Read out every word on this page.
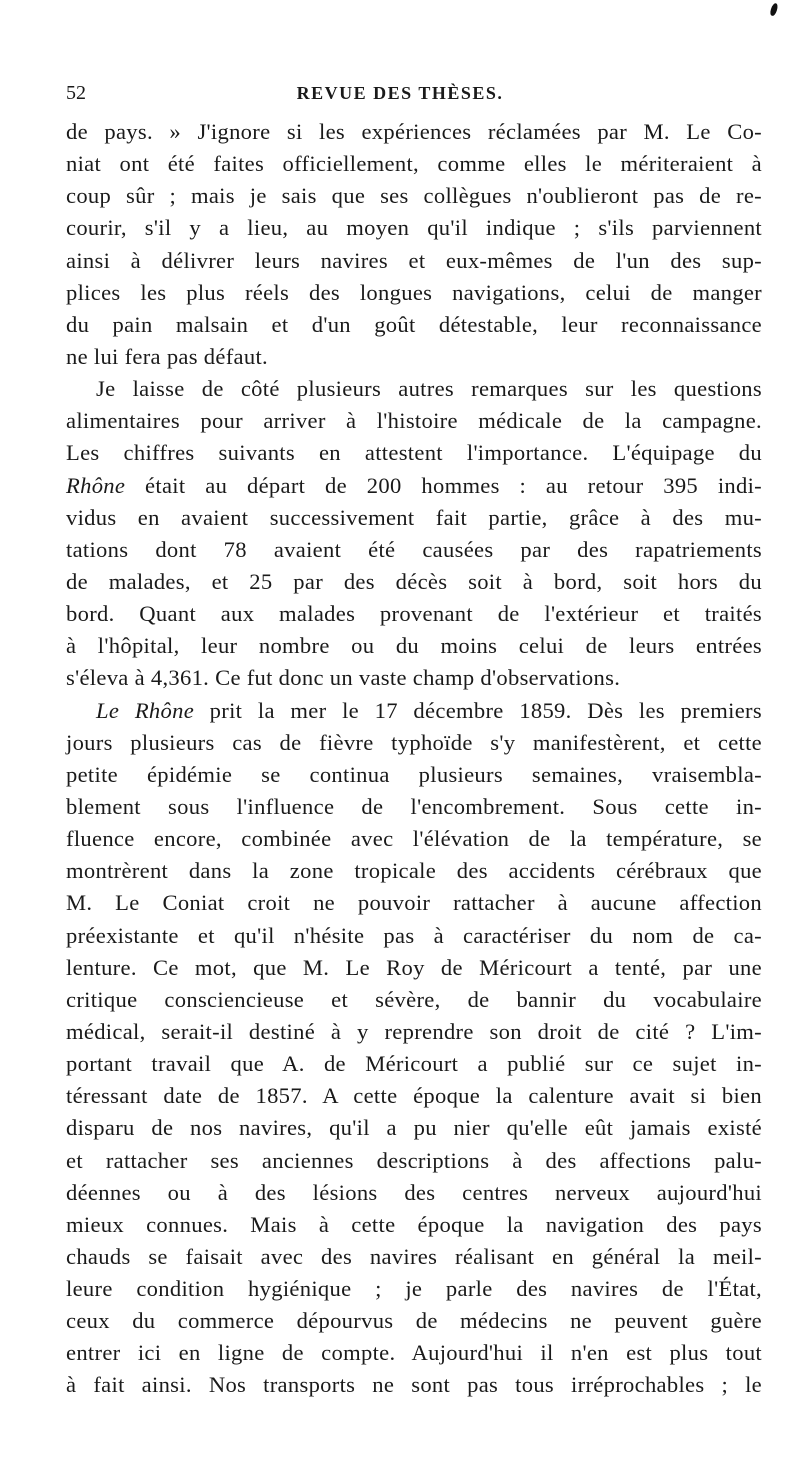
52	REVUE DES THÈSES.
de pays. » J'ignore si les expériences réclamées par M. Le Co-
niat ont été faites officiellement, comme elles le mériteraient à
coup sûr ; mais je sais que ses collègues n'oublieront pas de re-
courir, s'il y a lieu, au moyen qu'il indique ; s'ils parviennent
ainsi à délivrer leurs navires et eux-mêmes de l'un des sup-
plices les plus réels des longues navigations, celui de manger
du pain malsain et d'un goût détestable, leur reconnaissance
ne lui fera pas défaut.
Je laisse de côté plusieurs autres remarques sur les questions
alimentaires pour arriver à l'histoire médicale de la campagne.
Les chiffres suivants en attestent l'importance. L'équipage du
Rhône était au départ de 200 hommes : au retour 395 indi-
vidus en avaient successivement fait partie, grâce à des mu-
tations dont 78 avaient été causées par des rapatriements
de malades, et 25 par des décès soit à bord, soit hors du
bord. Quant aux malades provenant de l'extérieur et traités
à l'hôpital, leur nombre ou du moins celui de leurs entrées
s'éleva à 4,361. Ce fut donc un vaste champ d'observations.
Le Rhône prit la mer le 17 décembre 1859. Dès les premiers
jours plusieurs cas de fièvre typhoïde s'y manifestèrent, et cette
petite épidémie se continua plusieurs semaines, vraisembla-
blement sous l'influence de l'encombrement. Sous cette in-
fluence encore, combinée avec l'élévation de la température, se
montrèrent dans la zone tropicale des accidents cérébraux que
M. Le Coniat croit ne pouvoir rattacher à aucune affection
préexistante et qu'il n'hésite pas à caractériser du nom de ca-
lenture. Ce mot, que M. Le Roy de Méricourt a tenté, par une
critique consciencieuse et sévère, de bannir du vocabulaire
médical, serait-il destiné à y reprendre son droit de cité ? L'im-
portant travail que A. de Méricourt a publié sur ce sujet in-
téressant date de 1857. A cette époque la calenture avait si bien
disparu de nos navires, qu'il a pu nier qu'elle eût jamais existé
et rattacher ses anciennes descriptions à des affections palu-
déennes ou à des lésions des centres nerveux aujourd'hui
mieux connues. Mais à cette époque la navigation des pays
chauds se faisait avec des navires réalisant en général la meil-
leure condition hygiénique ; je parle des navires de l'État,
ceux du commerce dépourvus de médecins ne peuvent guère
entrer ici en ligne de compte. Aujourd'hui il n'en est plus tout
à fait ainsi. Nos transports ne sont pas tous irréprochables ; le
